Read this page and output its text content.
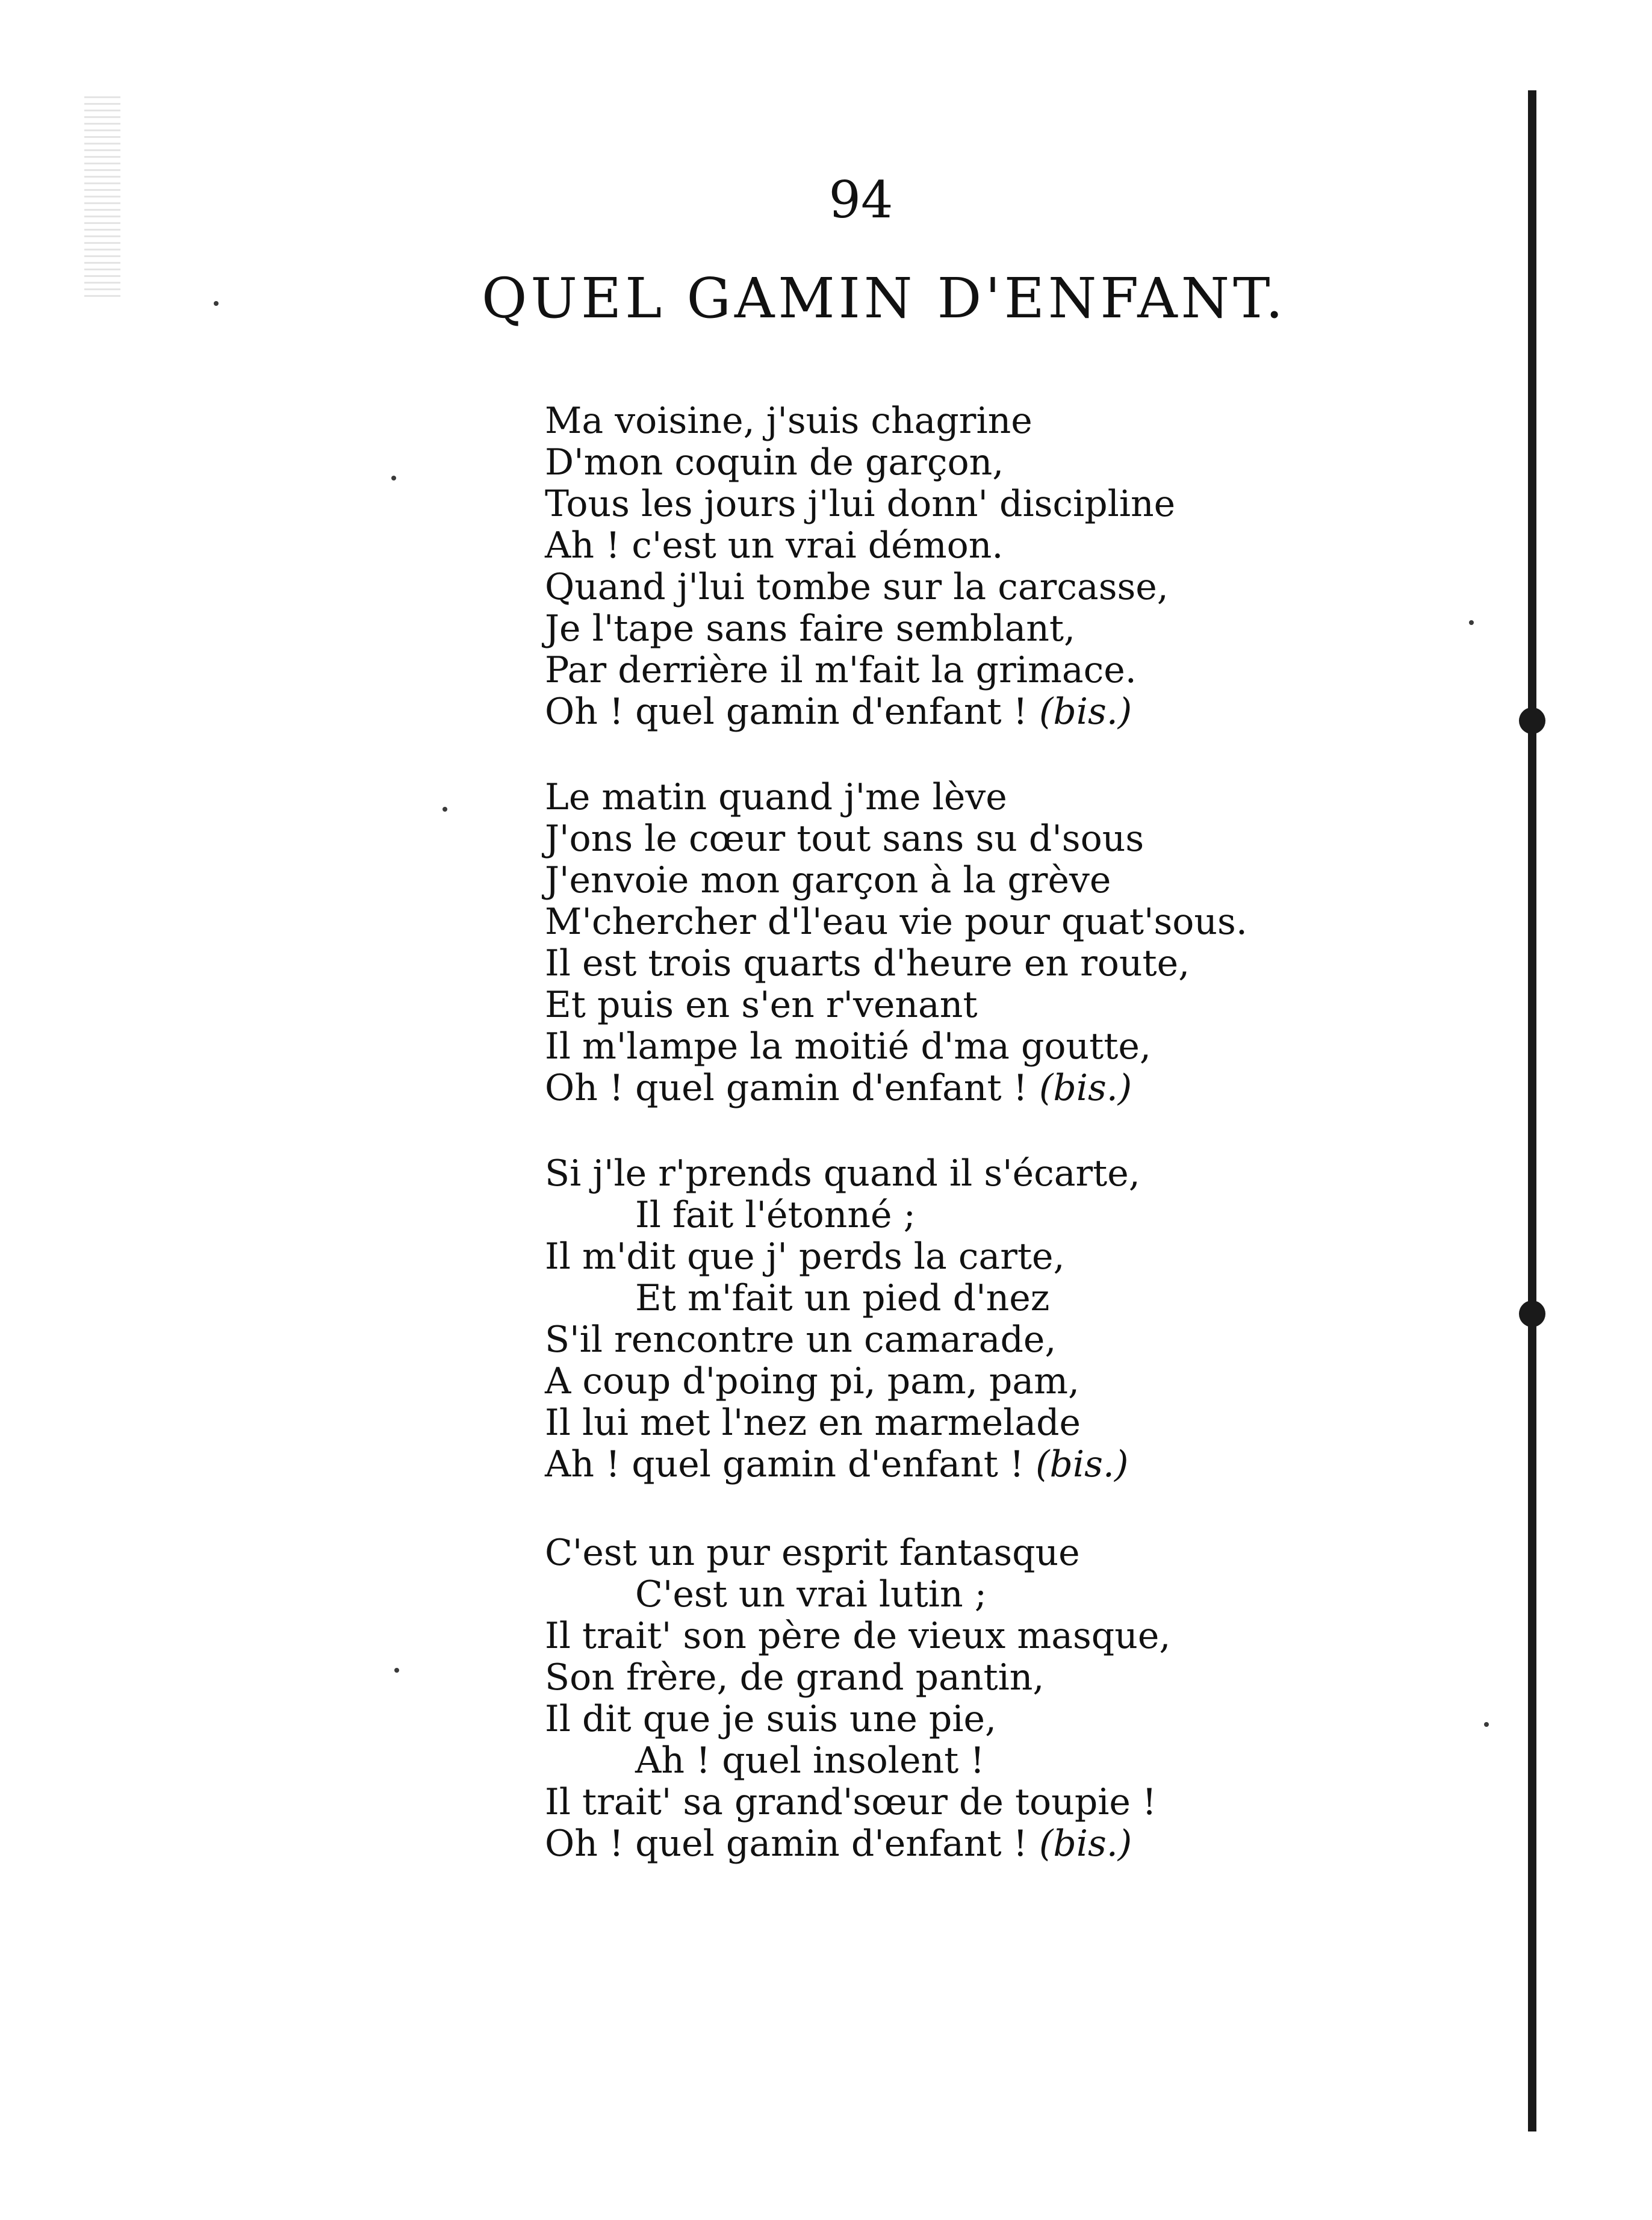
94
QUEL GAMIN D'ENFANT.
Ma voisine, j'suis chagrine
D'mon coquin de garçon,
Tous les jours j'lui donn' discipline
Ah ! c'est un vrai démon.
Quand j'lui tombe sur la carcasse,
Je l'tape sans faire semblant,
Par derrière il m'fait la grimace.
Oh ! quel gamin d'enfant ! (bis.)
Le matin quand j'me lève
J'ons le cœur tout sans su d'sous
J'envoie mon garçon à la grève
M'chercher d'l'eau vie pour quat'sous.
Il est trois quarts d'heure en route,
Et puis en s'en r'venant
Il m'lampe la moitié d'ma goutte,
Oh ! quel gamin d'enfant ! (bis.)
Si j'le r'prends quand il s'écarte,
Il fait l'étonné ;
Il m'dit que j' perds la carte,
Et m'fait un pied d'nez
S'il rencontre un camarade,
A coup d'poing pi, pam, pam,
Il lui met l'nez en marmelade
Ah ! quel gamin d'enfant ! (bis.)
C'est un pur esprit fantasque
C'est un vrai lutin ;
Il trait' son père de vieux masque,
Son frère, de grand pantin,
Il dit que je suis une pie,
Ah ! quel insolent !
Il trait' sa grand'sœur de toupie !
Oh ! quel gamin d'enfant ! (bis.)
